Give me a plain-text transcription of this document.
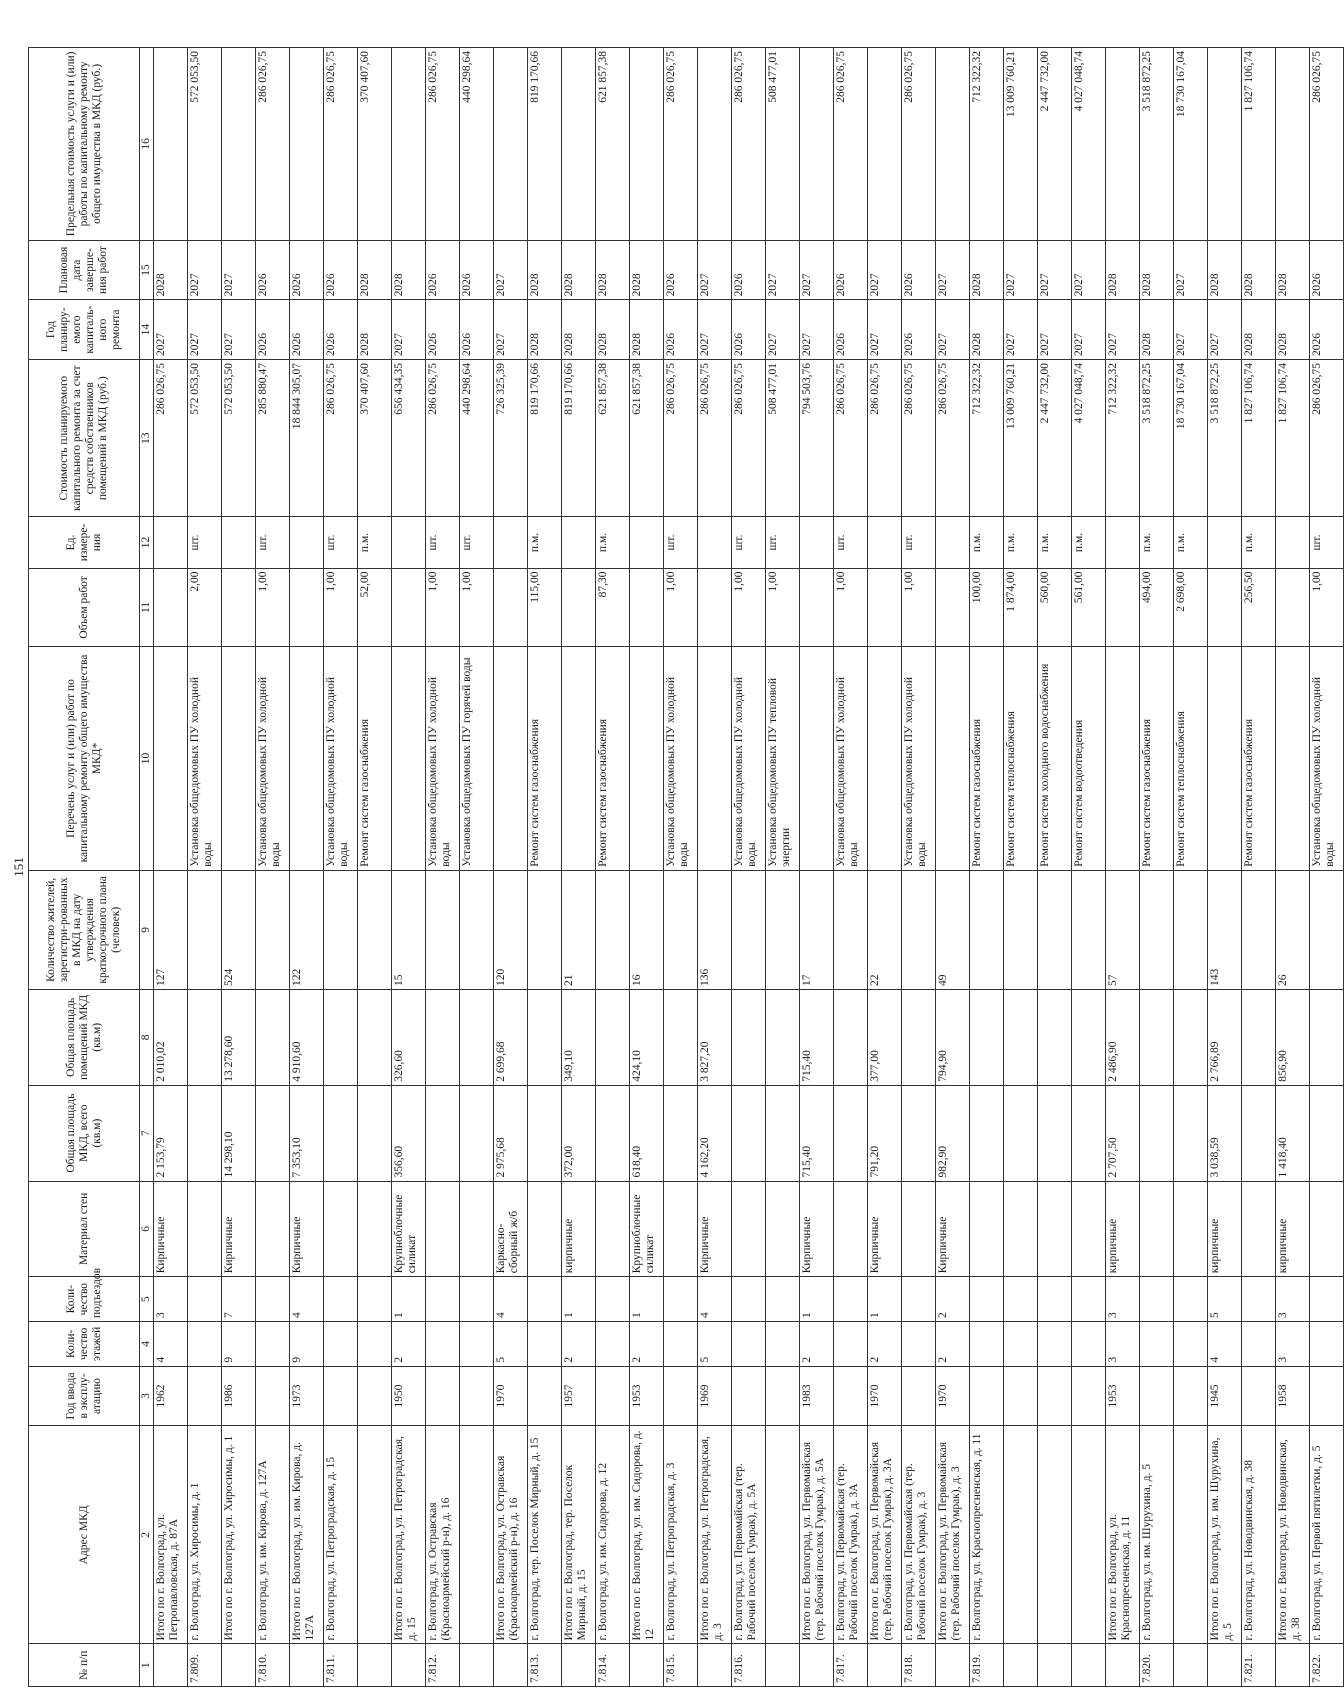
151
№ п/п	Адрес МКД	Год ввода в эксплу-атацию	Коли-чество этажей	Коли-чество подъездов	Материал стен	Общая площадь МКД, всего (кв.м)	Общая площадь помещений МКД (кв.м)	Количество жителей, зарегистри-рованных в МКД на дату утверждения краткосрочного плана (человек)	Перечень услуг и (или) работ по капитальному ремонту общего имущества МКД*	Объем работ	Ед. измере-ния	Стоимость планируемого капитального ремонта за счет средств собственников помещений в МКД (руб.)	Год планиру-емого капиталь-ного ремонта	Плановая дата заверше-ния работ	Предельная стоимость услуги и (или) работы по капитальному ремонту общего имущества в МКД (руб.)
1	2	3	4	5	6	7	8	9	10	11	12	13	14	15	16
	Итого по г. Волгоград, ул. Петропавловская, д. 87А	1962	4	3	Кирпичные	2 153,79	2 010,02	127				286 026,75	2027	2028	
7.809.	г. Волгоград, ул. Хиросимы, д. 1								Установка общедомовых ПУ холодной воды	2,00	шт.	572 053,50	2027	2027	572 053,50
	Итого по г. Волгоград, ул. Хиросимы, д. 1	1986	9	7	Кирпичные	14 298,10	13 278,60	524				572 053,50	2027	2027	
7.810.	г. Волгоград, ул. им. Кирова, д. 127А								Установка общедомовых ПУ холодной воды	1,00	шт.	285 880,47	2026	2026	286 026,75
	Итого по г. Волгоград, ул. им. Кирова, д. 127А	1973	9	4	Кирпичные	7 353,10	4 910,60	122				18 844 305,07	2026	2026	
7.811.	г. Волгоград, ул. Петроградская, д. 15								Установка общедомовых ПУ холодной воды	1,00	шт.	286 026,75	2026	2026	286 026,75
									Ремонт систем газоснабжения	52,00	п.м.	370 407,60	2028	2028	370 407,60
	Итого по г. Волгоград, ул. Петроградская, д. 15	1950	2	1	Крупноблочные силикат	356,60	326,60	15				656 434,35	2027	2028	
7.812.	г. Волгоград, ул. Остравская (Красноармейский р-н), д. 16								Установка общедомовых ПУ холодной воды	1,00	шт.	286 026,75	2026	2026	286 026,75
									Установка общедомовых ПУ горячей воды	1,00	шт.	440 298,64	2026	2026	440 298,64
	Итого по г. Волгоград, ул. Остравская (Красноармейский р-н), д. 16	1970	5	4	Каркасно-сборный ж/б	2 975,68	2 699,68	120				726 325,39	2027	2027	
7.813.	г. Волгоград, тер. Поселок Мирный, д. 15								Ремонт систем газоснабжения	115,00	п.м.	819 170,66	2028	2028	819 170,66
	Итого по г. Волгоград, тер. Поселок Мирный, д. 15	1957	2	1	кирпичные	372,00	349,10	21				819 170,66	2028	2028	
7.814.	г. Волгоград, ул. им. Сидорова, д. 12								Ремонт систем газоснабжения	87,30	п.м.	621 857,38	2028	2028	621 857,38
	Итого по г. Волгоград, ул. им. Сидорова, д. 12	1953	2	1	Крупноблочные силикат	618,40	424,10	16				621 857,38	2028	2028	
7.815.	г. Волгоград, ул. Петроградская, д. 3								Установка общедомовых ПУ холодной воды	1,00	шт.	286 026,75	2026	2026	286 026,75
	Итого по г. Волгоград, ул. Петроградская, д. 3	1969	5	4	Кирпичные	4 162,20	3 827,20	136				286 026,75	2027	2027	
7.816.	г. Волгоград, ул. Первомайская (тер. Рабочий поселок Гумрак), д. 5А								Установка общедомовых ПУ холодной воды	1,00	шт.	286 026,75	2026	2026	286 026,75
									Установка общедомовых ПУ тепловой энергии	1,00	шт.	508 477,01	2027	2027	508 477,01
	Итого по г. Волгоград, ул. Первомайская (тер. Рабочий поселок Гумрак), д. 5А	1983	2	1	Кирпичные	715,40	715,40	17				794 503,76	2027	2027	
7.817.	г. Волгоград, ул. Первомайская (тер. Рабочий поселок Гумрак), д. 3А								Установка общедомовых ПУ холодной воды	1,00	шт.	286 026,75	2026	2026	286 026,75
	Итого по г. Волгоград, ул. Первомайская (тер. Рабочий поселок Гумрак), д. 3А	1970	2	1	Кирпичные	791,20	377,00	22				286 026,75	2027	2027	
7.818.	г. Волгоград, ул. Первомайская (тер. Рабочий поселок Гумрак), д. 3								Установка общедомовых ПУ холодной воды	1,00	шт.	286 026,75	2026	2026	286 026,75
	Итого по г. Волгоград, ул. Первомайская (тер. Рабочий поселок Гумрак), д. 3	1970	2	2	Кирпичные	982,90	794,90	49				286 026,75	2027	2027	
7.819.	г. Волгоград, ул. Краснопресненская, д. 11								Ремонт систем газоснабжения	100,00	п.м.	712 322,32	2028	2028	712 322,32
									Ремонт систем теплоснабжения	1 874,00	п.м.	13 009 760,21	2027	2027	13 009 760,21
									Ремонт систем холодного водоснабжения	560,00	п.м.	2 447 732,00	2027	2027	2 447 732,00
									Ремонт систем водоотведения	561,00	п.м.	4 027 048,74	2027	2027	4 027 048,74
	Итого по г. Волгоград, ул. Краснопресненская, д. 11	1953	3	3	кирпичные	2 707,50	2 486,90	57				712 322,32	2027	2028	
7.820.	г. Волгоград, ул. им. Шурухина, д. 5								Ремонт систем газоснабжения	494,00	п.м.	3 518 872,25	2028	2028	3 518 872,25
									Ремонт систем теплоснабжения	2 698,00	п.м.	18 730 167,04	2027	2027	18 730 167,04
	Итого по г. Волгоград, ул. им. Шурухина, д. 5	1945	4	5	кирпичные	3 038,59	2 766,89	143				3 518 872,25	2027	2028	
7.821.	г. Волгоград, ул. Новодвинская, д. 38								Ремонт систем газоснабжения	256,50	п.м.	1 827 106,74	2028	2028	1 827 106,74
	Итого по г. Волгоград, ул. Новодвинская, д. 38	1958	3	3	кирпичные	1 418,40	856,90	26				1 827 106,74	2028	2028	
7.822.	г. Волгоград, ул. Первой пятилетки, д. 5								Установка общедомовых ПУ холодной воды	1,00	шт.	286 026,75	2026	2026	286 026,75
